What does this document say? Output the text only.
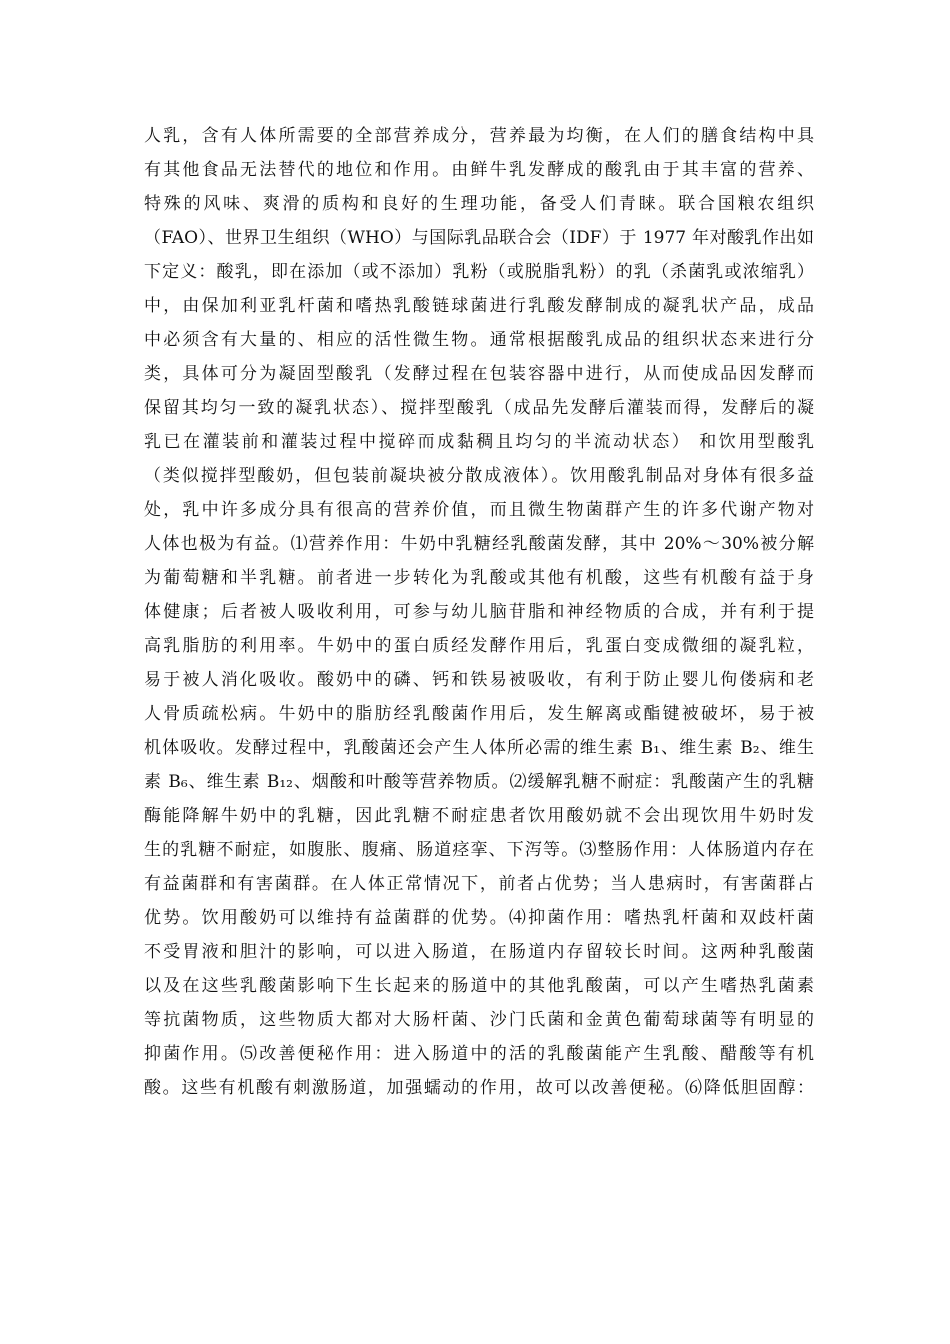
人乳，含有人体所需要的全部营养成分，营养最为均衡，在人们的膳食结构中具
有其他食品无法替代的地位和作用。由鲜牛乳发酵成的酸乳由于其丰富的营养、
特殊的风味、爽滑的质构和良好的生理功能，备受人们青睐。联合国粮农组织
（FAO）、世界卫生组织（WHO）与国际乳品联合会（IDF）于 1977 年对酸乳作出如
下定义：酸乳，即在添加（或不添加）乳粉（或脱脂乳粉）的乳（杀菌乳或浓缩乳）
中，由保加利亚乳杆菌和嗜热乳酸链球菌进行乳酸发酵制成的凝乳状产品，成品
中必须含有大量的、相应的活性微生物。通常根据酸乳成品的组织状态来进行分
类，具体可分为凝固型酸乳（发酵过程在包装容器中进行，从而使成品因发酵而
保留其均匀一致的凝乳状态）、搅拌型酸乳（成品先发酵后灌装而得，发酵后的凝
乳已在灌装前和灌装过程中搅碎而成黏稠且均匀的半流动状态） 和饮用型酸乳
（类似搅拌型酸奶，但包装前凝块被分散成液体）。饮用酸乳制品对身体有很多益
处，乳中许多成分具有很高的营养价值，而且微生物菌群产生的许多代谢产物对
人体也极为有益。⑴营养作用：牛奶中乳糖经乳酸菌发酵，其中 20%～30%被分解
为葡萄糖和半乳糖。前者进一步转化为乳酸或其他有机酸，这些有机酸有益于身
体健康；后者被人吸收利用，可参与幼儿脑苷脂和神经物质的合成，并有利于提
高乳脂肪的利用率。牛奶中的蛋白质经发酵作用后，乳蛋白变成微细的凝乳粒，
易于被人消化吸收。酸奶中的磷、钙和铁易被吸收，有利于防止婴儿佝偻病和老
人骨质疏松病。牛奶中的脂肪经乳酸菌作用后，发生解离或酯键被破坏，易于被
机体吸收。发酵过程中，乳酸菌还会产生人体所必需的维生素 B₁、维生素 B₂、维生
素 B₆、维生素 B₁₂、烟酸和叶酸等营养物质。⑵缓解乳糖不耐症：乳酸菌产生的乳糖
酶能降解牛奶中的乳糖，因此乳糖不耐症患者饮用酸奶就不会出现饮用牛奶时发
生的乳糖不耐症，如腹胀、腹痛、肠道痉挛、下泻等。⑶整肠作用：人体肠道内存在
有益菌群和有害菌群。在人体正常情况下，前者占优势；当人患病时，有害菌群占
优势。饮用酸奶可以维持有益菌群的优势。⑷抑菌作用：嗜热乳杆菌和双歧杆菌
不受胃液和胆汁的影响，可以进入肠道，在肠道内存留较长时间。这两种乳酸菌
以及在这些乳酸菌影响下生长起来的肠道中的其他乳酸菌，可以产生嗜热乳菌素
等抗菌物质，这些物质大都对大肠杆菌、沙门氏菌和金黄色葡萄球菌等有明显的
抑菌作用。⑸改善便秘作用：进入肠道中的活的乳酸菌能产生乳酸、醋酸等有机
酸。这些有机酸有刺激肠道，加强蠕动的作用，故可以改善便秘。⑹降低胆固醇：
